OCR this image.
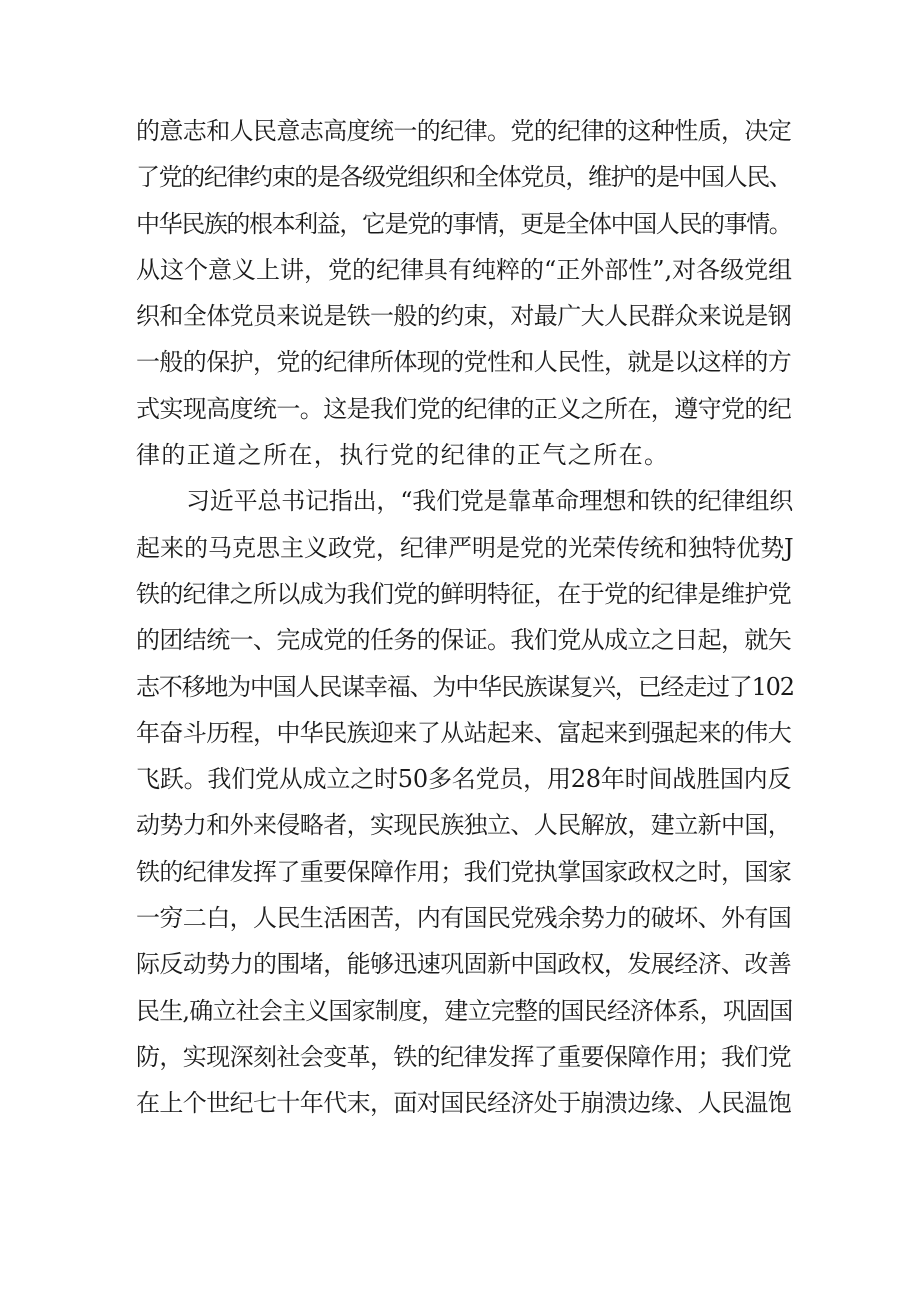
的意志和人民意志高度统一的纪律。党的纪律的这种性质，决定
了党的纪律约束的是各级党组织和全体党员，维护的是中国人民、
中华民族的根本利益，它是党的事情，更是全体中国人民的事情。
从这个意义上讲，党的纪律具有纯粹的“正外部性”,对各级党组
织和全体党员来说是铁一般的约束，对最广大人民群众来说是钢
一般的保护，党的纪律所体现的党性和人民性，就是以这样的方
式实现高度统一。这是我们党的纪律的正义之所在，遵守党的纪
律的正道之所在，执行党的纪律的正气之所在。
习近平总书记指出，“我们党是靠革命理想和铁的纪律组织
起来的马克思主义政党，纪律严明是党的光荣传统和独特优势J
铁的纪律之所以成为我们党的鲜明特征，在于党的纪律是维护党
的团结统一、完成党的任务的保证。我们党从成立之日起，就矢
志不移地为中国人民谋幸福、为中华民族谋复兴，已经走过了102
年奋斗历程，中华民族迎来了从站起来、富起来到强起来的伟大
飞跃。我们党从成立之时50多名党员，用28年时间战胜国内反
动势力和外来侵略者，实现民族独立、人民解放，建立新中国，
铁的纪律发挥了重要保障作用；我们党执掌国家政权之时，国家
一穷二白，人民生活困苦，内有国民党残余势力的破坏、外有国
际反动势力的围堵，能够迅速巩固新中国政权，发展经济、改善
民生,确立社会主义国家制度，建立完整的国民经济体系，巩固国
防，实现深刻社会变革，铁的纪律发挥了重要保障作用；我们党
在上个世纪七十年代末，面对国民经济处于崩溃边缘、人民温饱
